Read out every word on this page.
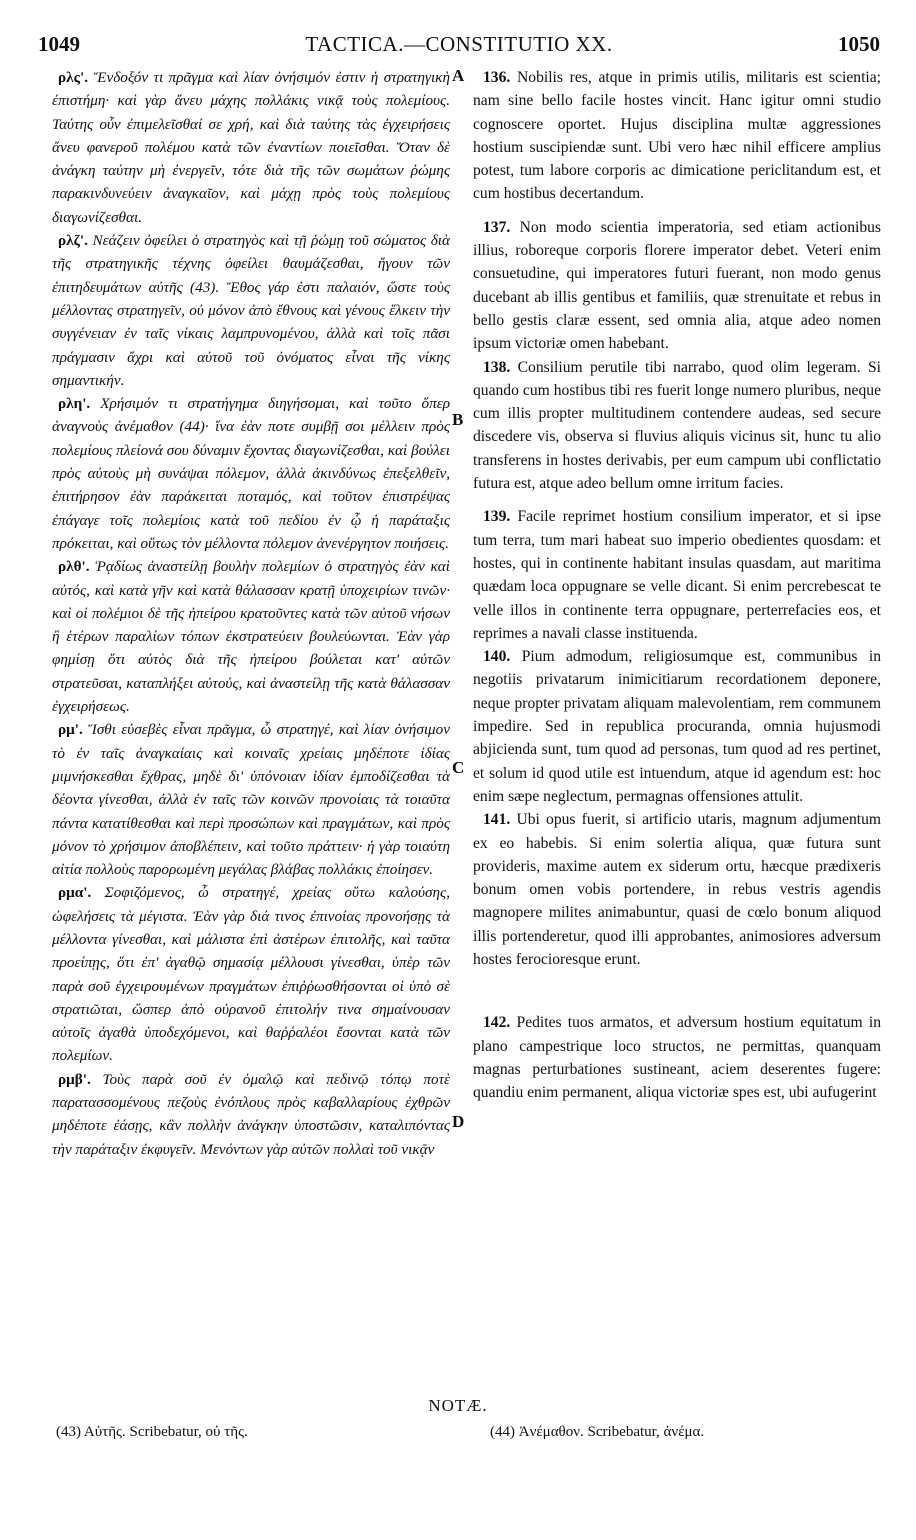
1049	TACTICA.—CONSTITUTIO XX.	1050
A
B
C
D

ρλς'. Ἔνδοξόν τι πρᾶγμα καὶ λίαν ὀνήσιμόν ἐστιν ἡ στρατηγικὴ ἐπιστήμη· καὶ γὰρ ἄνευ μάχης πολλάκις νικᾷ τοὺς πολεμίους. Ταύτης οὖν ἐπιμελεῖσθαί σε χρή, καὶ διὰ ταύτης τὰς ἐγχειρήσεις ἄνευ φανεροῦ πολέμου κατὰ τῶν ἐναντίων ποιεῖσθαι. Ὅταν δὲ ἀνάγκη ταύτην μὴ ἐνεργεῖν, τότε διὰ τῆς τῶν σωμάτων ῥώμης παρακινδυνεύειν ἀναγκαῖον, καὶ μάχῃ πρὸς τοὺς πολεμίους διαγωνίζεσθαι.

ρλζ'. Νεάζειν ὀφείλει ὁ στρατηγὸς καὶ τῇ ῥώμῃ τοῦ σώματος διὰ τῆς στρατηγικῆς τέχνης ὀφείλει θαυμάζεσθαι, ἤγουν τῶν ἐπιτηδευμάτων αὐτῆς (43). Ἔθος γάρ ἐστι παλαιόν, ὥστε τοὺς μέλλοντας στρατηγεῖν, οὐ μόνον ἀπὸ ἔθνους καὶ γένους ἕλκειν τὴν συγγένειαν ἐν ταῖς νίκαις λαμπρυνομένου, ἀλλὰ καὶ τοῖς πᾶσι πράγμασιν ἄχρι καὶ αὐτοῦ τοῦ ὀνόματος εἶναι τῆς νίκης σημαντικήν.

ρλη'. Χρήσιμόν τι στρατήγημα διηγήσομαι, καὶ τοῦτο ὅπερ ἀναγνοὺς ἀνέμαθον (44)· ἵνα ἐὰν ποτε συμβῇ σοι μέλλειν πρὸς πολεμίους πλείονά σου δύναμιν ἔχοντας διαγωνίζεσθαι, καὶ βούλει πρὸς αὐτοὺς μὴ συνάψαι πόλεμον, ἀλλὰ ἀκινδύνως ἐπεξελθεῖν, ἐπιτήρησον ἐὰν παράκειται ποταμός, καὶ τοῦτον ἐπιστρέψας ἐπάγαγε τοῖς πολεμίοις κατὰ τοῦ πεδίου ἐν ᾧ ἡ παράταξις πρόκειται, καὶ οὕτως τὸν μέλλοντα πόλεμον ἀνενέργητον ποιήσεις.

ρλθ'. Ῥᾳδίως ἀναστείλῃ βουλὴν πολεμίων ὁ στρατηγὸς ἐὰν καὶ αὐτός, καὶ κατὰ γῆν καὶ κατὰ θάλασσαν κρατῇ ὑποχειρίων τινῶν· καὶ οἱ πολέμιοι δὲ τῆς ἠπείρου κρατοῦντες κατὰ τῶν αὐτοῦ νήσων ἢ ἑτέρων παραλίων τόπων ἐκστρατεύειν βουλεύωνται. Ἐὰν γὰρ φημίσῃ ὅτι αὐτὸς διὰ τῆς ἠπείρου βούλεται κατ' αὐτῶν στρατεῦσαι, καταπλήξει αὐτούς, καὶ ἀναστείλῃ τῆς κατὰ θάλασσαν ἐγχειρήσεως.

ρμ'. Ἴσθι εὐσεβὲς εἶναι πρᾶγμα, ὦ στρατηγέ, καὶ λίαν ὀνήσιμον τὸ ἐν ταῖς ἀναγκαίαις καὶ κοιναῖς χρείαις μηδέποτε ἰδίας μιμνήσκεσθαι ἔχθρας, μηδὲ δι' ὑπόνοιαν ἰδίαν ἐμποδίζεσθαι τὰ δέοντα γίνεσθαι, ἀλλὰ ἐν ταῖς τῶν κοινῶν προνοίαις τὰ τοιαῦτα πάντα κατατίθεσθαι καὶ περὶ προσώπων καὶ πραγμάτων, καὶ πρὸς μόνον τὸ χρήσιμον ἀποβλέπειν, καὶ τοῦτο πράττειν· ἡ γὰρ τοιαύτη αἰτία πολλοὺς παρορωμένη μεγάλας βλάβας πολλάκις ἐποίησεν.

ρμα'. Σοφιζόμενος, ὦ στρατηγέ, χρείας οὕτω καλούσης, ὠφελήσεις τὰ μέγιστα. Ἐὰν γὰρ διά τινος ἐπινοίας προνοήσῃς τὰ μέλλοντα γίνεσθαι, καὶ μάλιστα ἐπὶ ἀστέρων ἐπιτολῆς, καὶ ταῦτα προείπῃς, ὅτι ἐπ' ἀγαθῷ σημασίᾳ μέλλουσι γίνεσθαι, ὑπὲρ τῶν παρὰ σοῦ ἐγχειρουμένων πραγμάτων ἐπιῤῥωσθήσονται οἱ ὑπὸ σὲ στρατιῶται, ὥσπερ ἀπὸ οὐρανοῦ ἐπιτολήν τινα σημαίνουσαν αὐτοῖς ἀγαθὰ ὑποδεχόμενοι, καὶ θαῤῥαλέοι ἔσονται κατὰ τῶν πολεμίων.

ρμβ'. Τοὺς παρὰ σοῦ ἐν ὁμαλῷ καὶ πεδινῷ τόπῳ ποτὲ παρατασσομένους πεζοὺς ἐνόπλους πρὸς καβαλλαρίους ἐχθρῶν μηδέποτε ἐάσῃς, κἂν πολλὴν ἀνάγκην ὑποστῶσιν, καταλιπόντας τὴν παράταξιν ἐκφυγεῖν. Μενόντων γὰρ αὐτῶν πολλαὶ τοῦ νικᾷν

136. Nobilis res, atque in primis utilis, militaris est scientia; nam sine bello facile hostes vincit. Hanc igitur omni studio cognoscere oportet. Hujus disciplina multæ aggressiones hostium suscipiendæ sunt. Ubi vero hæc nihil efficere amplius potest, tum labore corporis ac dimicatione periclitandum est, et cum hostibus decertandum.

137. Non modo scientia imperatoria, sed etiam actionibus illius, roboreque corporis florere imperator debet. Veteri enim consuetudine, qui imperatores futuri fuerant, non modo genus ducebant ab illis gentibus et familiis, quæ strenuitate et rebus in bello gestis claræ essent, sed omnia alia, atque adeo nomen ipsum victoriæ omen habebant.

138. Consilium perutile tibi narrabo, quod olim legeram. Si quando cum hostibus tibi res fuerit longe numero pluribus, neque cum illis propter multitudinem contendere audeas, sed secure discedere vis, observa si fluvius aliquis vicinus sit, hunc tu alio transferens in hostes derivabis, per eum campum ubi conflictatio futura est, atque adeo bellum omne irritum facies.

139. Facile reprimet hostium consilium imperator, et si ipse tum terra, tum mari habeat suo imperio obedientes quosdam: et hostes, qui in continente habitant insulas quasdam, aut maritima quædam loca oppugnare se velle dicant. Si enim percrebescat te velle illos in continente terra oppugnare, perterrefacies eos, et reprimes a navali classe instituenda.

140. Pium admodum, religiosumque est, communibus in negotiis privatarum inimicitiarum recordationem deponere, neque propter privatam aliquam malevolentiam, rem communem impedire. Sed in republica procuranda, omnia hujusmodi abjicienda sunt, tum quod ad personas, tum quod ad res pertinet, et solum id quod utile est intuendum, atque id agendum est: hoc enim sæpe neglectum, permagnas offensiones attulit.

141. Ubi opus fuerit, si artificio utaris, magnum adjumentum ex eo habebis. Si enim solertia aliqua, quæ futura sunt provideris, maxime autem ex siderum ortu, hæcque prædixeris bonum omen vobis portendere, in rebus vestris agendis magnopere milites animabuntur, quasi de cœlo bonum aliquod illis portenderetur, quod illi approbantes, animosiores adversum hostes ferocioresque erunt.

142. Pedites tuos armatos, et adversum hostium equitatum in plano campestrique loco structos, ne permittas, quanquam magnas perturbationes sustineant, aciem deserentes fugere: quandiu enim permanent, aliqua victoriæ spes est, ubi aufugerint

NOTÆ.
(43) Αὐτῆς. Scribebatur, οὐ τῆς.	(44) Ἀνέμαθον. Scribebatur, ἀνέμα.
